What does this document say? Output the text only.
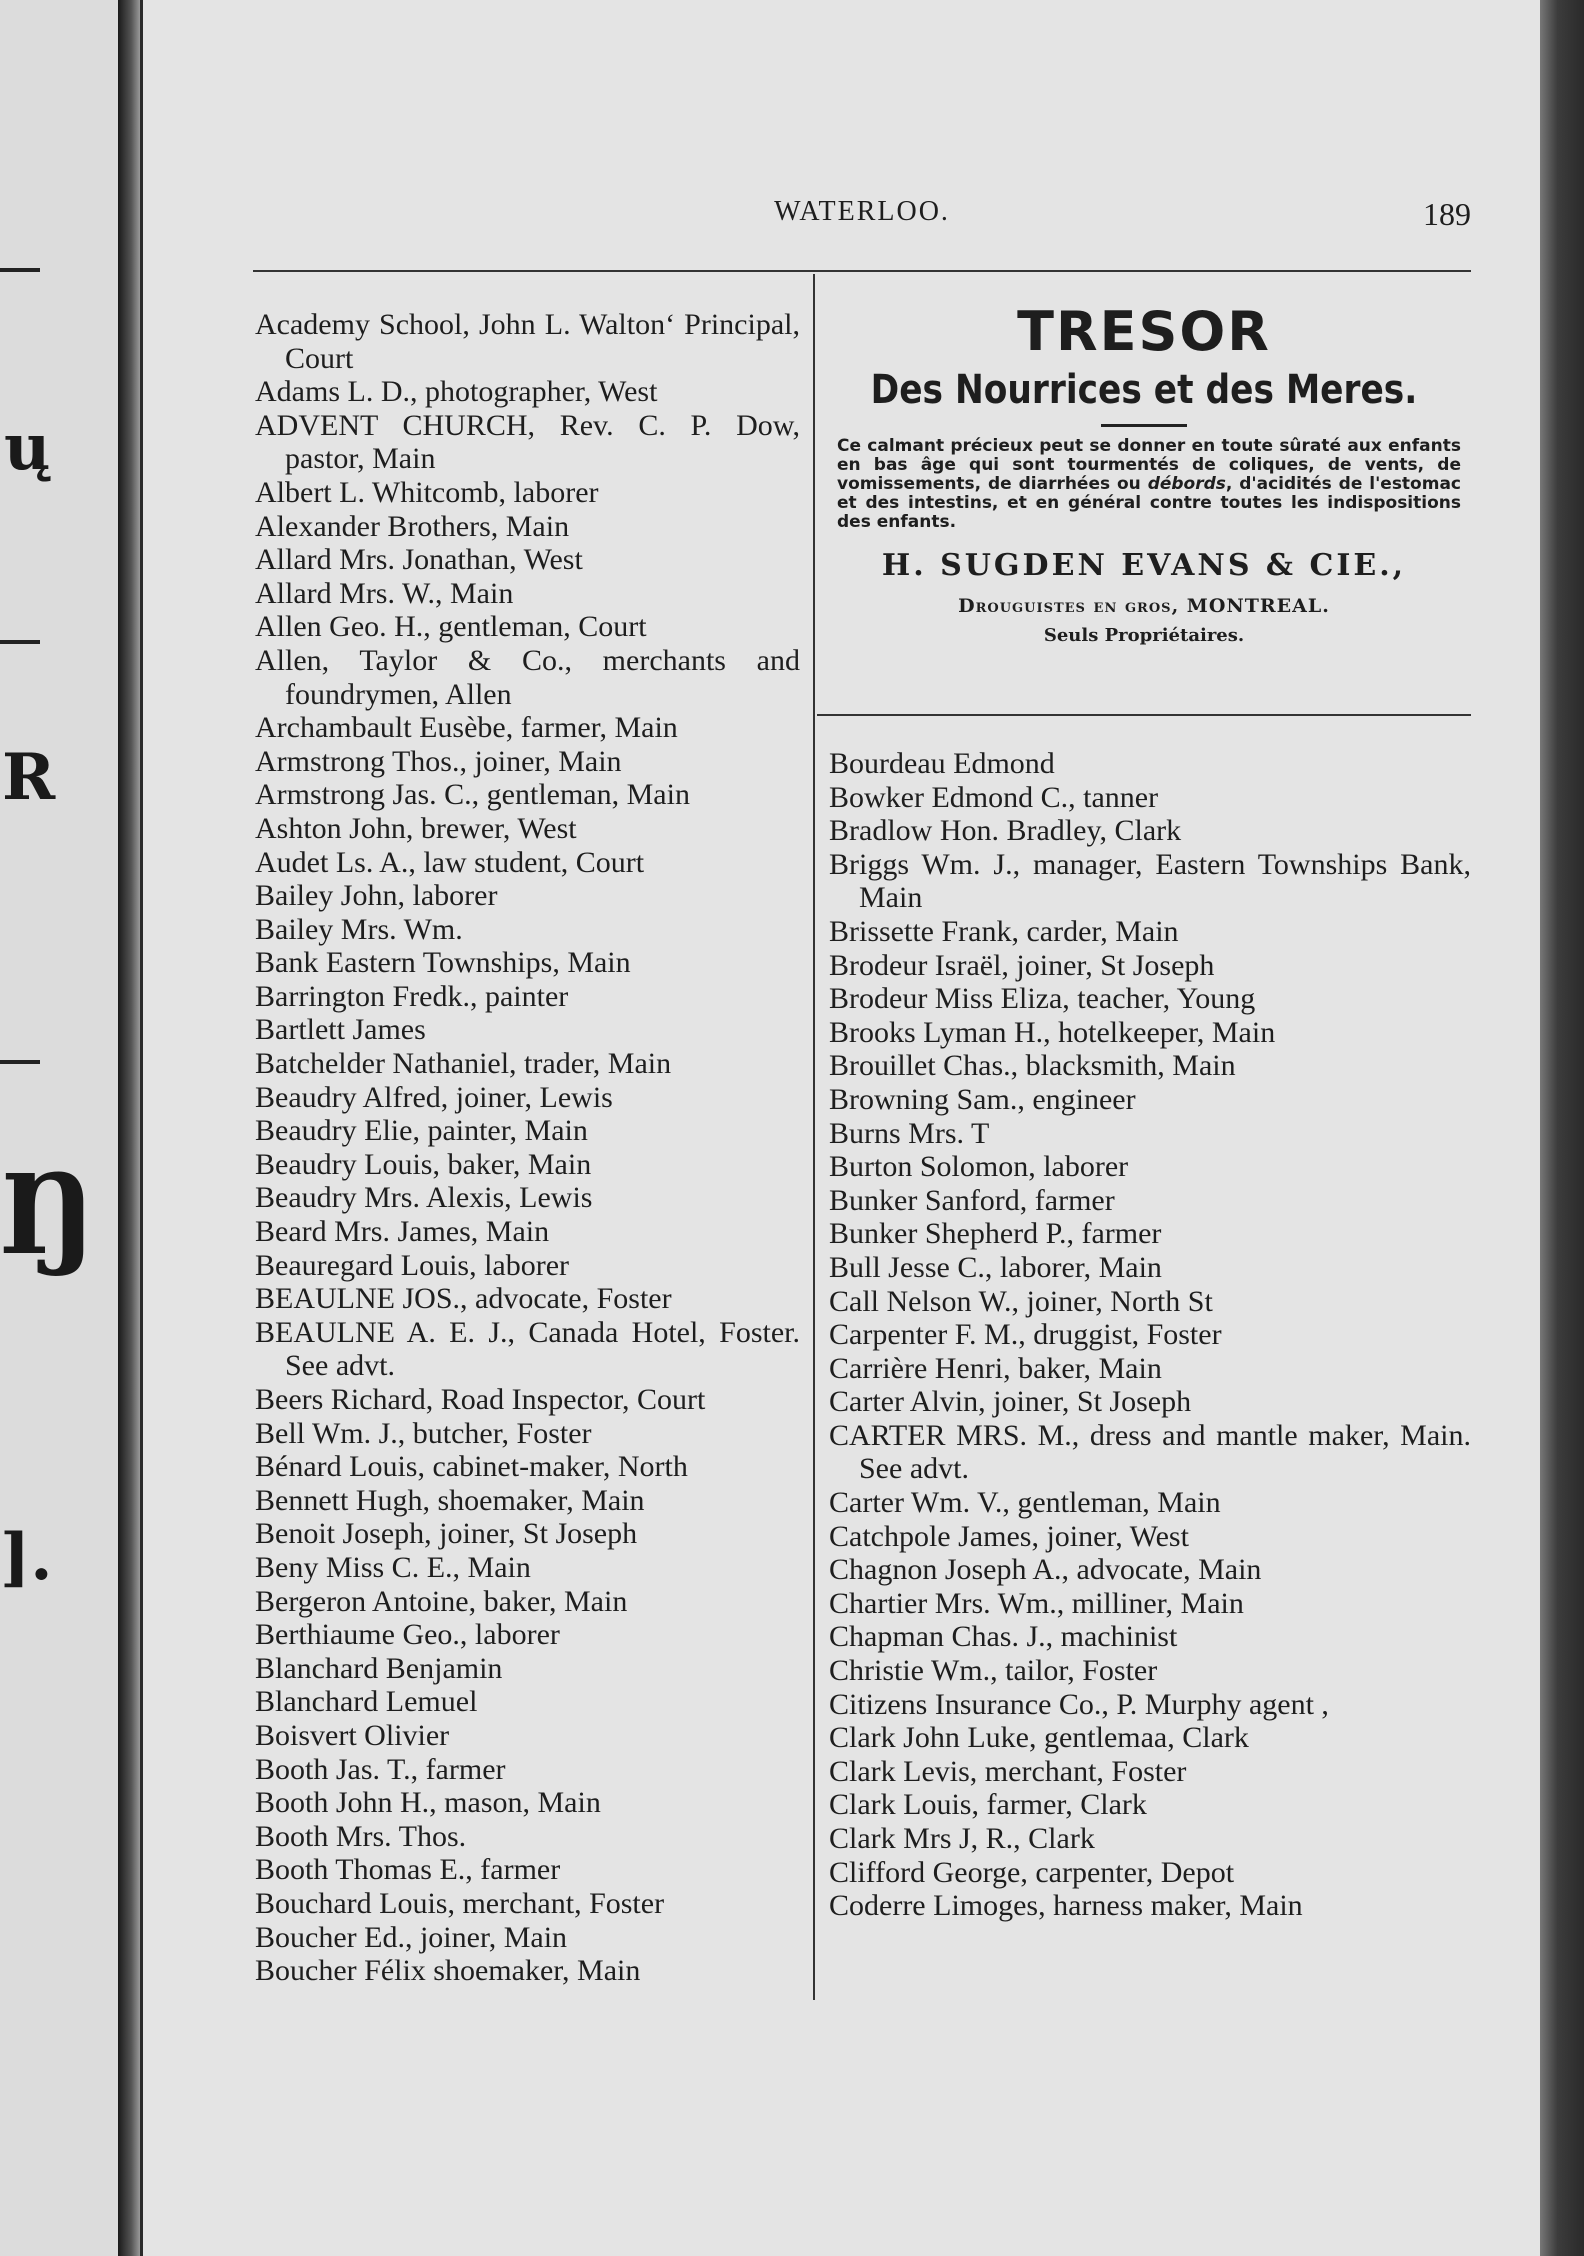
ų
R
Ŋ
].
WATERLOO.	189
Academy School, John L. Walton‘ Principal, Court
Adams L. D., photographer, West
ADVENT CHURCH, Rev. C. P. Dow, pastor, Main
Albert L. Whitcomb, laborer
Alexander Brothers, Main
Allard Mrs. Jonathan, West
Allard Mrs. W., Main
Allen Geo. H., gentleman, Court
Allen, Taylor & Co., merchants and foundrymen, Allen
Archambault Eusèbe, farmer, Main
Armstrong Thos., joiner, Main
Armstrong Jas. C., gentleman, Main
Ashton John, brewer, West
Audet Ls. A., law student, Court
Bailey John, laborer
Bailey Mrs. Wm.
Bank Eastern Townships, Main
Barrington Fredk., painter
Bartlett James
Batchelder Nathaniel, trader, Main
Beaudry Alfred, joiner, Lewis
Beaudry Elie, painter, Main
Beaudry Louis, baker, Main
Beaudry Mrs. Alexis, Lewis
Beard Mrs. James, Main
Beauregard Louis, laborer
BEAULNE JOS., advocate, Foster
BEAULNE A. E. J., Canada Hotel, Foster. See advt.
Beers Richard, Road Inspector, Court
Bell Wm. J., butcher, Foster
Bénard Louis, cabinet-maker, North
Bennett Hugh, shoemaker, Main
Benoit Joseph, joiner, St Joseph
Beny Miss C. E., Main
Bergeron Antoine, baker, Main
Berthiaume Geo., laborer
Blanchard Benjamin
Blanchard Lemuel
Boisvert Olivier
Booth Jas. T., farmer
Booth John H., mason, Main
Booth Mrs. Thos.
Booth Thomas E., farmer
Bouchard Louis, merchant, Foster
Boucher Ed., joiner, Main
Boucher Félix shoemaker, Main
TRESOR
Des Nourrices et des Meres.
Ce calmant précieux peut se donner en toute sûraté aux enfants en bas âge qui sont tourmentés de coliques, de vents, de vomissements, de diarrhées ou débords, d'acidités de l'estomac et des intestins, et en général contre toutes les indispositions des enfants.
H. SUGDEN EVANS & CIE.,
Drouguistes en gros, MONTREAL.
Seuls Propriétaires.
Bourdeau Edmond
Bowker Edmond C., tanner
Bradlow Hon. Bradley, Clark
Briggs Wm. J., manager, Eastern Townships Bank, Main
Brissette Frank, carder, Main
Brodeur Israël, joiner, St Joseph
Brodeur Miss Eliza, teacher, Young
Brooks Lyman H., hotelkeeper, Main
Brouillet Chas., blacksmith, Main
Browning Sam., engineer
Burns Mrs. T
Burton Solomon, laborer
Bunker Sanford, farmer
Bunker Shepherd P., farmer
Bull Jesse C., laborer, Main
Call Nelson W., joiner, North St
Carpenter F. M., druggist, Foster
Carrière Henri, baker, Main
Carter Alvin, joiner, St Joseph
CARTER MRS. M., dress and mantle maker, Main. See advt.
Carter Wm. V., gentleman, Main
Catchpole James, joiner, West
Chagnon Joseph A., advocate, Main
Chartier Mrs. Wm., milliner, Main
Chapman Chas. J., machinist
Christie Wm., tailor, Foster
Citizens Insurance Co., P. Murphy agent ,
Clark John Luke, gentlemaa, Clark
Clark Levis, merchant, Foster
Clark Louis, farmer, Clark
Clark Mrs J, R., Clark
Clifford George, carpenter, Depot
Coderre Limoges, harness maker, Main
